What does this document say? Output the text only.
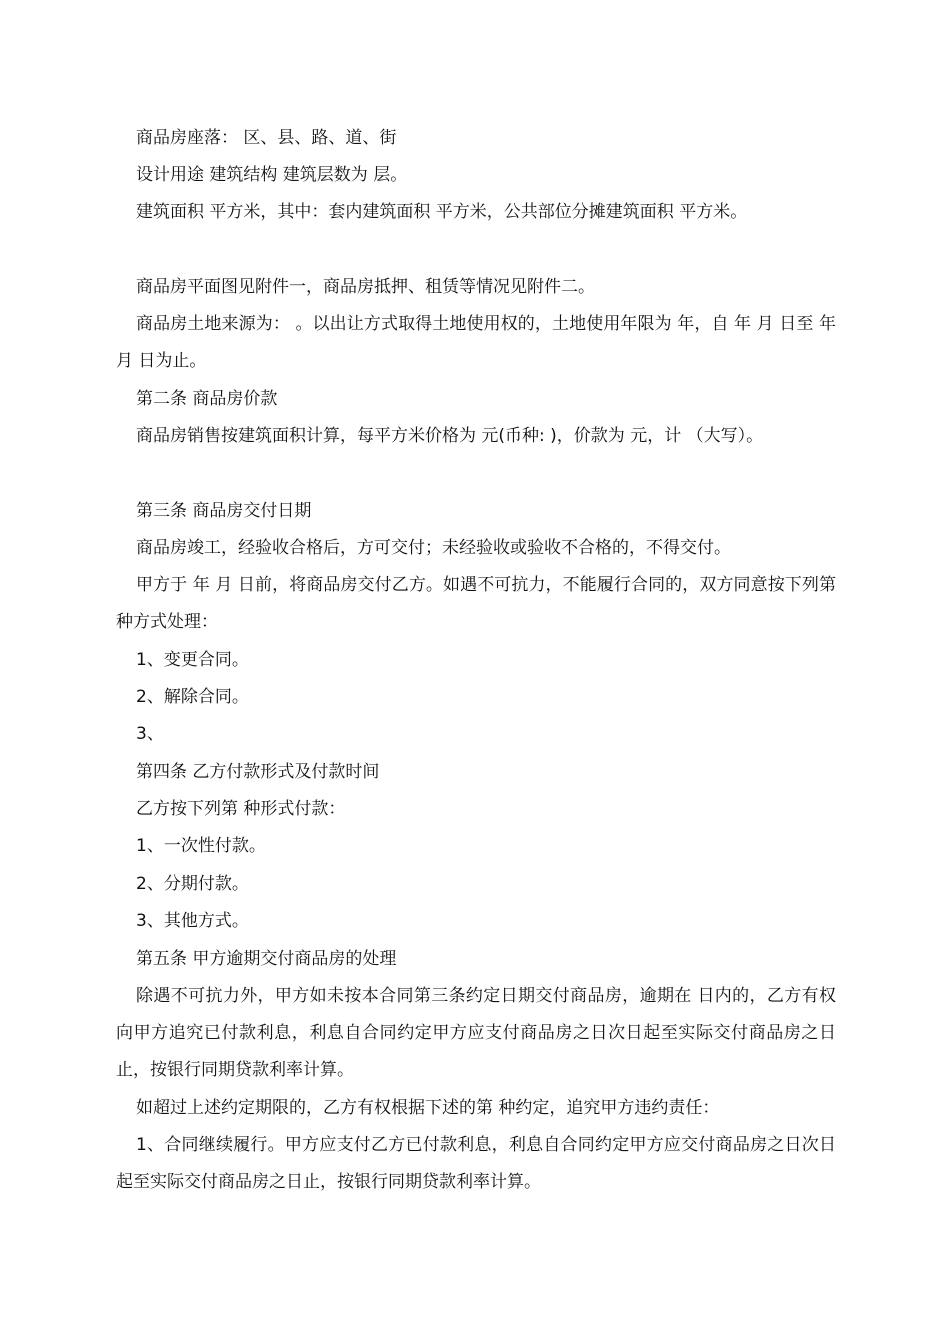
商品房座落： 区、县、路、道、街

设计用途 建筑结构 建筑层数为 层。

建筑面积 平方米，其中：套内建筑面积 平方米，公共部位分摊建筑面积 平方米。

商品房平面图见附件一，商品房抵押、租赁等情况见附件二。

商品房土地来源为： 。以出让方式取得土地使用权的，土地使用年限为 年，自 年 月 日至 年 月 日为止。

第二条 商品房价款

商品房销售按建筑面积计算，每平方米价格为 元(币种: )，价款为 元，计 （大写）。

第三条 商品房交付日期

商品房竣工，经验收合格后，方可交付；未经验收或验收不合格的，不得交付。

甲方于 年 月 日前，将商品房交付乙方。如遇不可抗力，不能履行合同的，双方同意按下列第 种方式处理：

1、变更合同。

2、解除合同。

3、

第四条 乙方付款形式及付款时间

乙方按下列第 种形式付款：

1、一次性付款。

2、分期付款。

3、其他方式。

第五条 甲方逾期交付商品房的处理

除遇不可抗力外，甲方如未按本合同第三条约定日期交付商品房，逾期在 日内的，乙方有权向甲方追究已付款利息，利息自合同约定甲方应支付商品房之日次日起至实际交付商品房之日止，按银行同期贷款利率计算。

如超过上述约定期限的，乙方有权根据下述的第 种约定，追究甲方违约责任：

1、合同继续履行。甲方应支付乙方已付款利息，利息自合同约定甲方应交付商品房之日次日起至实际交付商品房之日止，按银行同期贷款利率计算。
